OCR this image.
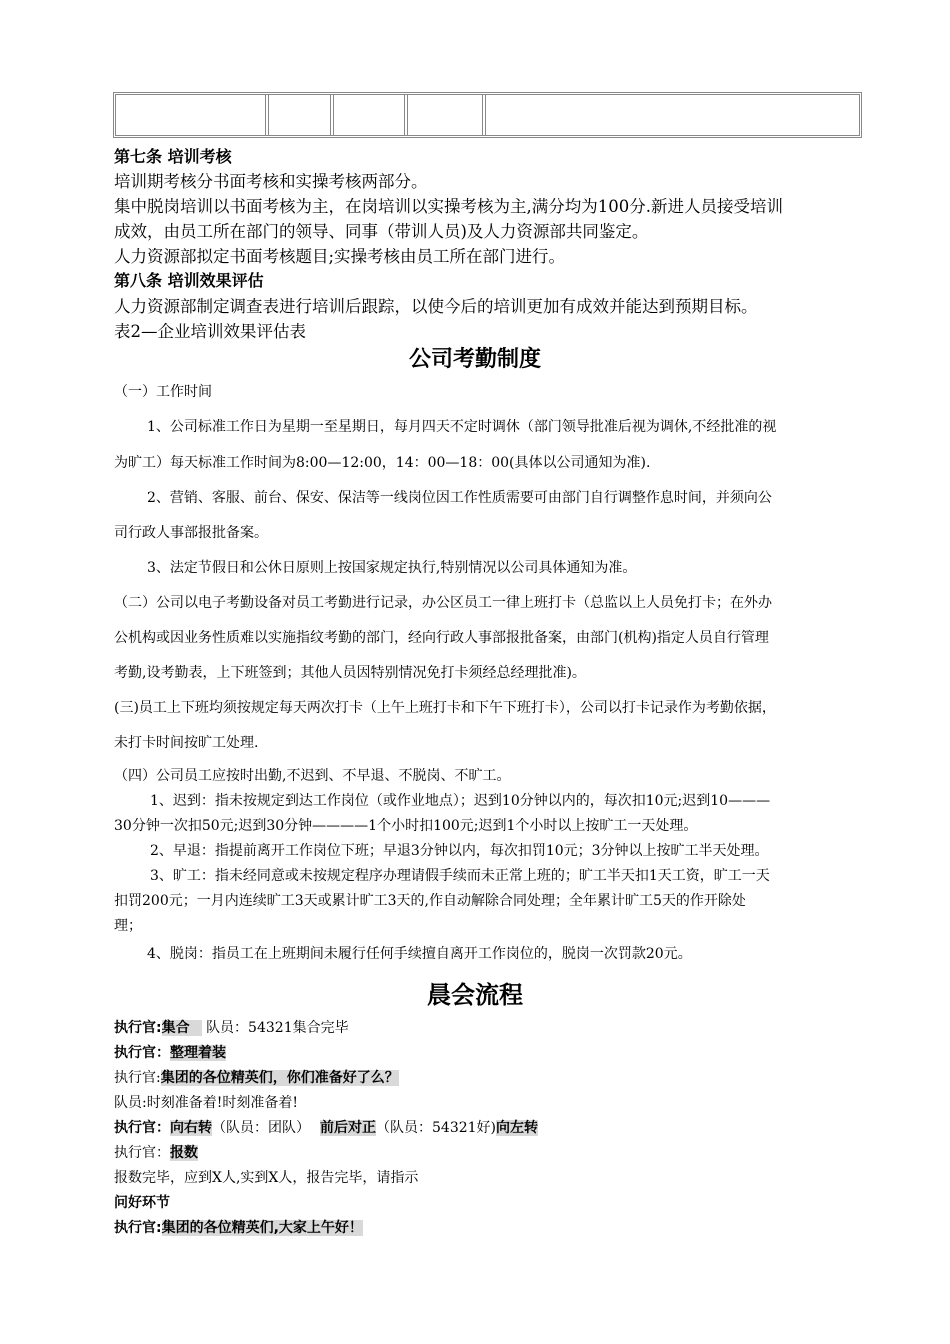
第七条 培训考核
培训期考核分书面考核和实操考核两部分。
集中脱岗培训以书面考核为主，在岗培训以实操考核为主,满分均为100分.新进人员接受培训
成效，由员工所在部门的领导、同事（带训人员)及人力资源部共同鉴定。
人力资源部拟定书面考核题目;实操考核由员工所在部门进行。
第八条 培训效果评估
人力资源部制定调查表进行培训后跟踪，以使今后的培训更加有成效并能达到预期目标。
表2—企业培训效果评估表
公司考勤制度
（一）工作时间
1、公司标准工作日为星期一至星期日，每月四天不定时调休（部门领导批准后视为调休,不经批准的视
为旷工）每天标准工作时间为8:00—12:00，14：00—18：00(具体以公司通知为准).
2、营销、客服、前台、保安、保洁等一线岗位因工作性质需要可由部门自行调整作息时间，并须向公
司行政人事部报批备案。
3、法定节假日和公休日原则上按国家规定执行,特别情况以公司具体通知为准。
（二）公司以电子考勤设备对员工考勤进行记录，办公区员工一律上班打卡（总监以上人员免打卡；在外办
公机构或因业务性质难以实施指纹考勤的部门，经向行政人事部报批备案，由部门(机构)指定人员自行管理
考勤,设考勤表，上下班签到；其他人员因特别情况免打卡须经总经理批准)。
(三)员工上下班均须按规定每天两次打卡（上午上班打卡和下午下班打卡），公司以打卡记录作为考勤依据，
未打卡时间按旷工处理.
（四）公司员工应按时出勤,不迟到、不早退、不脱岗、不旷工。
1、迟到：指未按规定到达工作岗位（或作业地点）；迟到10分钟以内的，每次扣10元;迟到10———
30分钟一次扣50元;迟到30分钟————1个小时扣100元;迟到1个小时以上按旷工一天处理。
2、早退：指提前离开工作岗位下班；早退3分钟以内，每次扣罚10元；3分钟以上按旷工半天处理。
3、旷工：指未经同意或未按规定程序办理请假手续而未正常上班的；旷工半天扣1天工资，旷工一天
扣罚200元；一月内连续旷工3天或累计旷工3天的,作自动解除合同处理；全年累计旷工5天的作开除处
理；
4、脱岗：指员工在上班期间未履行任何手续擅自离开工作岗位的，脱岗一次罚款20元。
晨会流程
执行官:集合 队员：54321集合完毕
执行官：整理着装
执行官:集团的各位精英们，你们准备好了么？
队员:时刻准备着!时刻准备着!
执行官：向右转（队员：团队） 前后对正（队员：54321好)向左转
执行官：报数
报数完毕，应到X人,实到X人，报告完毕，请指示
问好环节
执行官:集团的各位精英们,大家上午好！
